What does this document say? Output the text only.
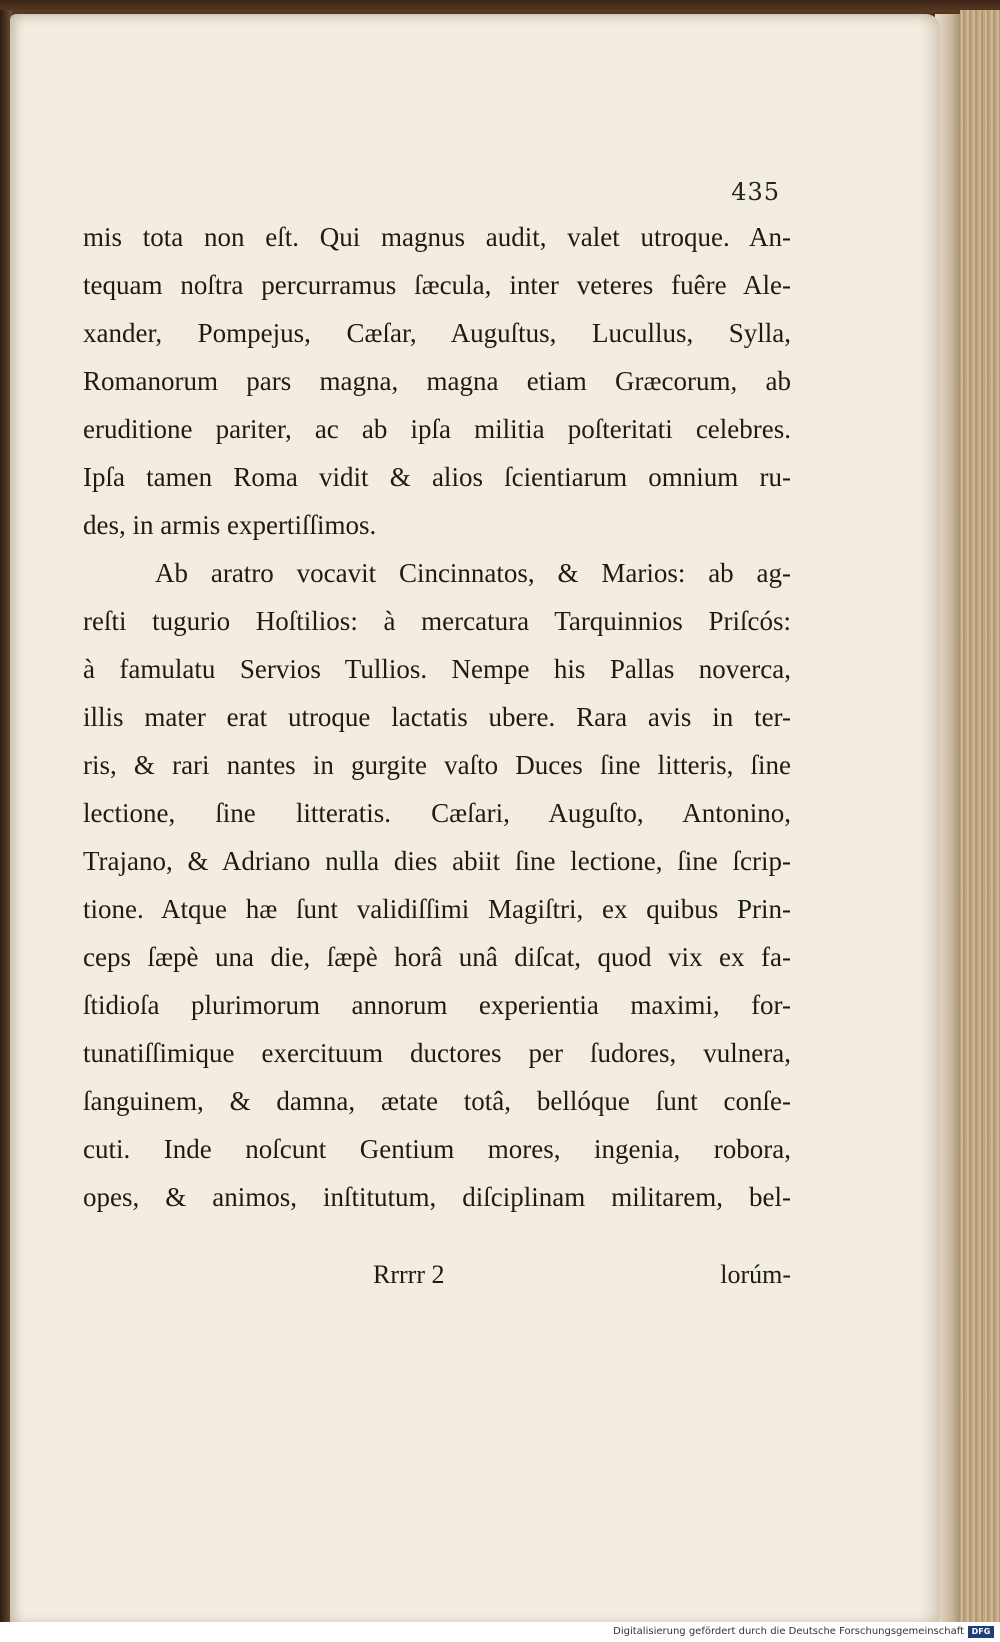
435
mis tota non eſt. Qui magnus audit, valet utroque. An-
tequam noſtra percurramus ſæcula, inter veteres fuêre Ale-
xander, Pompejus, Cæſar, Auguſtus, Lucullus, Sylla,
Romanorum pars magna, magna etiam Græcorum, ab
eruditione pariter, ac ab ipſa militia poſteritati celebres.
Ipſa tamen Roma vidit & alios ſcientiarum omnium ru-
des, in armis expertiſſimos.
Ab aratro vocavit Cincinnatos, & Marios: ab ag-
reſti tugurio Hoſtilios: à mercatura Tarquinnios Priſcós:
à famulatu Servios Tullios. Nempe his Pallas noverca,
illis mater erat utroque lactatis ubere. Rara avis in ter-
ris, & rari nantes in gurgite vaſto Duces ſine litteris, ſine
lectione, ſine litteratis. Cæſari, Auguſto, Antonino,
Trajano, & Adriano nulla dies abiit ſine lectione, ſine ſcrip-
tione. Atque hæ ſunt validiſſimi Magiſtri, ex quibus Prin-
ceps ſæpè una die, ſæpè horâ unâ diſcat, quod vix ex fa-
ſtidioſa plurimorum annorum experientia maximi, for-
tunatiſſimique exercituum ductores per ſudores, vulnera,
ſanguinem, & damna, ætate totâ, bellóque ſunt conſe-
cuti. Inde noſcunt Gentium mores, ingenia, robora,
opes, & animos, inſtitutum, diſciplinam militarem, bel-
Rrrrr 2	lorúm-
Digitalisierung gefördert durch die Deutsche Forschungsgemeinschaft DFG
